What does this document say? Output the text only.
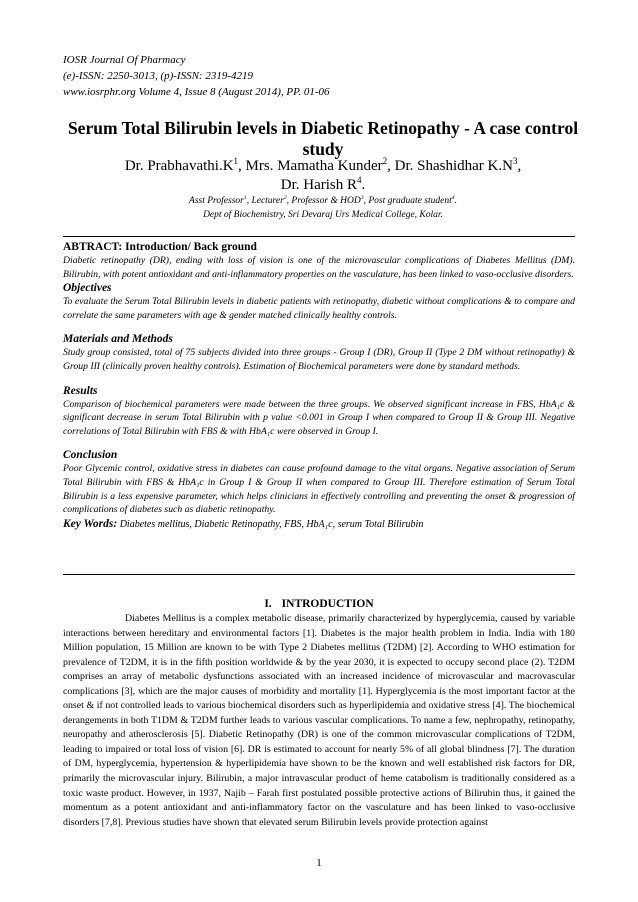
IOSR Journal Of Pharmacy
(e)-ISSN: 2250-3013, (p)-ISSN: 2319-4219
www.iosrphr.org Volume 4, Issue 8 (August 2014), PP. 01-06
Serum Total Bilirubin levels in Diabetic Retinopathy - A case control study
Dr. $Prabhavathi.K^1$, Mrs. Mamatha Kunder$^2$, Dr. Shashidhar $K.N^3$,
Dr. Harish $R^4$.
Asst Professor$^1$, Lecturer$^2$, Professor & HOD$^3$, Post graduate student$^4$.
Dept of Biochemistry, Sri Devaraj Urs Medical College, Kolar.
ABTRACT: Introduction/ Back ground
Diabetic retinopathy (DR), ending with loss of vision is one of the microvascular complications of Diabetes Mellitus (DM). Bilirubin, with potent antioxidant and anti-inflammatory properties on the vasculature, has been linked to vaso-occlusive disorders.
Objectives
To evaluate the Serum Total Bilirubin levels in diabetic patients with retinopathy, diabetic without complications & to compare and correlate the same parameters with age & gender matched clinically healthy controls.
Materials and Methods
Study group consisted, total of 75 subjects divided into three groups - Group I (DR), Group II (Type 2 DM without retinopathy) & Group III (clinically proven healthy controls). Estimation of Biochemical parameters were done by standard methods.
Results
Comparison of biochemical parameters were made between the three groups. We observed significant increase in FBS, HbA₁c & significant decrease in serum Total Bilirubin with p value <0.001 in Group I when compared to Group II & Group III. Negative correlations of Total Bilirubin with FBS & with HbA₁c were observed in Group I.
Conclusion
Poor Glycemic control, oxidative stress in diabetes can cause profound damage to the vital organs. Negative association of Serum Total Bilirubin with FBS & HbA₁c in Group I & Group II when compared to Group III. Therefore estimation of Serum Total Bilirubin is a less expensive parameter, which helps clinicians in effectively controlling and preventing the onset & progression of complications of diabetes such as diabetic retinopathy.
Key Words: Diabetes mellitus, Diabetic Retinopathy, FBS, HbA₁c, serum Total Bilirubin
I. INTRODUCTION
Diabetes Mellitus is a complex metabolic disease, primarily characterized by hyperglycemia, caused by variable interactions between hereditary and environmental factors [1]. Diabetes is the major health problem in India. India with 180 Million population, 15 Million are known to be with Type 2 Diabetes mellitus (T2DM) [2]. According to WHO estimation for prevalence of T2DM, it is in the fifth position worldwide & by the year 2030, it is expected to occupy second place (2). T2DM comprises an array of metabolic dysfunctions associated with an increased incidence of microvascular and macrovascular complications [3], which are the major causes of morbidity and mortality [1]. Hyperglycemia is the most important factor at the onset & if not controlled leads to various biochemical disorders such as hyperlipidemia and oxidative stress [4]. The biochemical derangements in both T1DM & T2DM further leads to various vascular complications. To name a few, nephropathy, retinopathy, neuropathy and atherosclerosis [5]. Diabetic Retinopathy (DR) is one of the common microvascular complications of T2DM, leading to impaired or total loss of vision [6]. DR is estimated to account for nearly 5% of all global blindness [7]. The duration of DM, hyperglycemia, hypertension & hyperlipidemia have shown to be the known and well established risk factors for DR, primarily the microvascular injury. Bilirubin, a major intravascular product of heme catabolism is traditionally considered as a toxic waste product. However, in 1937, Najib – Farah first postulated possible protective actions of Bilirubin thus, it gained the momentum as a potent antioxidant and anti-inflammatory factor on the vasculature and has been linked to vaso-occlusive disorders [7,8]. Previous studies have shown that elevated serum Bilirubin levels provide protection against
1
